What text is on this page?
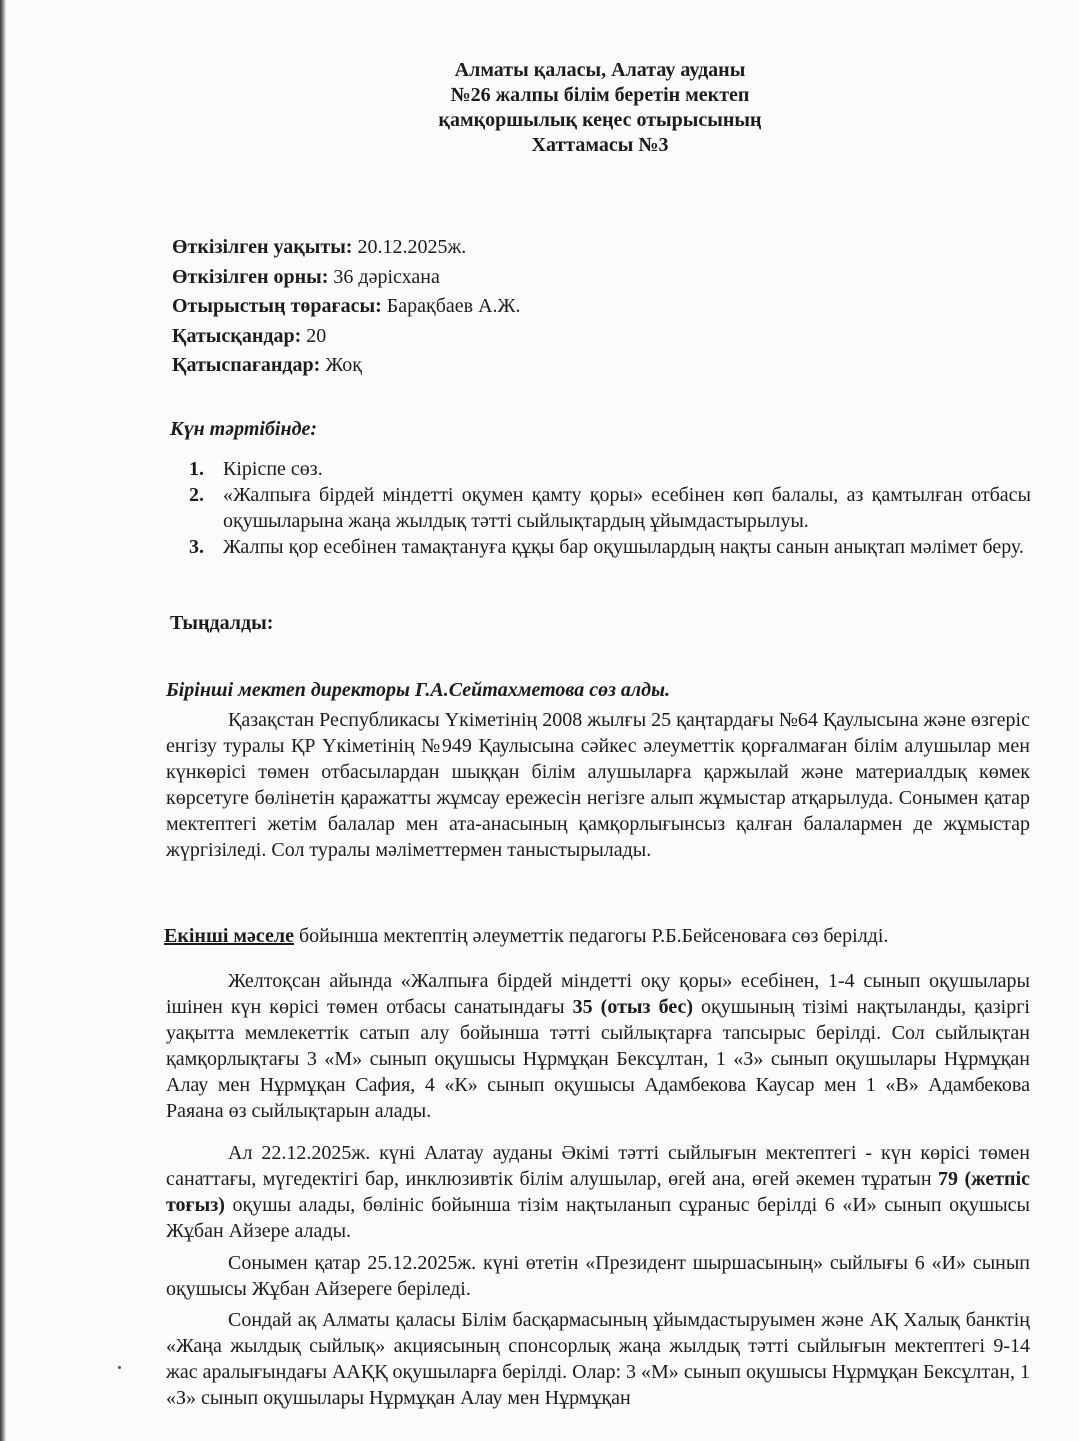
Алматы қаласы, Алатау ауданы
№26 жалпы білім беретін мектеп
қамқоршылық кеңес отырысының
Хаттамасы №3
Өткізілген уақыты: 20.12.2025ж.
Өткізілген орны: 36 дәрісхана
Отырыстың төрағасы: Барақбаев А.Ж.
Қатысқандар: 20
Қатыспағандар: Жоқ
Күн тәртібінде:
1. Кіріспе сөз.
2. «Жалпыға бірдей міндетті оқумен қамту қоры» есебінен көп балалы, аз қамтылған отбасы оқушыларына жаңа жылдық тәтті сыйлықтардың ұйымдастырылуы.
3. Жалпы қор есебінен тамақтануға құқы бар оқушылардың нақты санын анықтап мәлімет беру.
Тыңдалды:
Бірінші мектеп директоры Г.А.Сейтахметова сөз алды.
Қазақстан Республикасы Үкіметінің 2008 жылғы 25 қаңтардағы №64 Қаулысына және өзгеріс енгізу туралы ҚР Үкіметінің №949 Қаулысына сәйкес әлеуметтік қорғалмаған білім алушылар мен күнкөрісі төмен отбасылардан шыққан білім алушыларға қаржылай және материалдық көмек көрсетуге бөлінетін қаражатты жұмсау ережесін негізге алып жұмыстар атқарылуда. Сонымен қатар мектептегі жетім балалар мен ата-анасының қамқорлығынсыз қалған балалармен де жұмыстар жүргізіледі. Сол туралы мәліметтермен таныстырылады.
Екінші мәселе бойынша мектептің әлеуметтік педагогы Р.Б.Бейсеноваға сөз берілді.
Желтоқсан айында «Жалпыға бірдей міндетті оқу қоры» есебінен, 1-4 сынып оқушылары ішінен күн көрісі төмен отбасы санатындағы 35 (отыз бес) оқушының тізімі нақтыланды, қазіргі уақытта мемлекеттік сатып алу бойынша тәтті сыйлықтарға тапсырыс берілді. Сол сыйлықтан қамқорлықтағы 3 «М» сынып оқушысы Нұрмұқан Бексұлтан, 1 «З» сынып оқушылары Нұрмұқан Алау мен Нұрмұқан Сафия, 4 «К» сынып оқушысы Адамбекова Каусар мен 1 «В» Адамбекова Раяана өз сыйлықтарын алады.
Ал 22.12.2025ж. күні Алатау ауданы Әкімі тәтті сыйлығын мектептегі - күн көрісі төмен санаттағы, мүгедектігі бар, инклюзивтік білім алушылар, өгей ана, өгей әкемен тұратын 79 (жетпіс тоғыз) оқушы алады, бөлініс бойынша тізім нақтыланып сұраныс берілді 6 «И» сынып оқушысы Жұбан Айзере алады.
Сонымен қатар 25.12.2025ж. күні өтетін «Президент шыршасының» сыйлығы 6 «И» сынып оқушысы Жұбан Айзереге беріледі.
Сондай ақ Алматы қаласы Білім басқармасының ұйымдастыруымен және АҚ Халық банктің «Жаңа жылдық сыйлық» акциясының спонсорлық жаңа жылдық тәтті сыйлығын мектептегі 9-14 жас аралығындағы ААҚҚ оқушыларға берілді. Олар: 3 «М» сынып оқушысы Нұрмұқан Бексұлтан, 1 «З» сынып оқушылары Нұрмұқан Алау мен Нұрмұқан
